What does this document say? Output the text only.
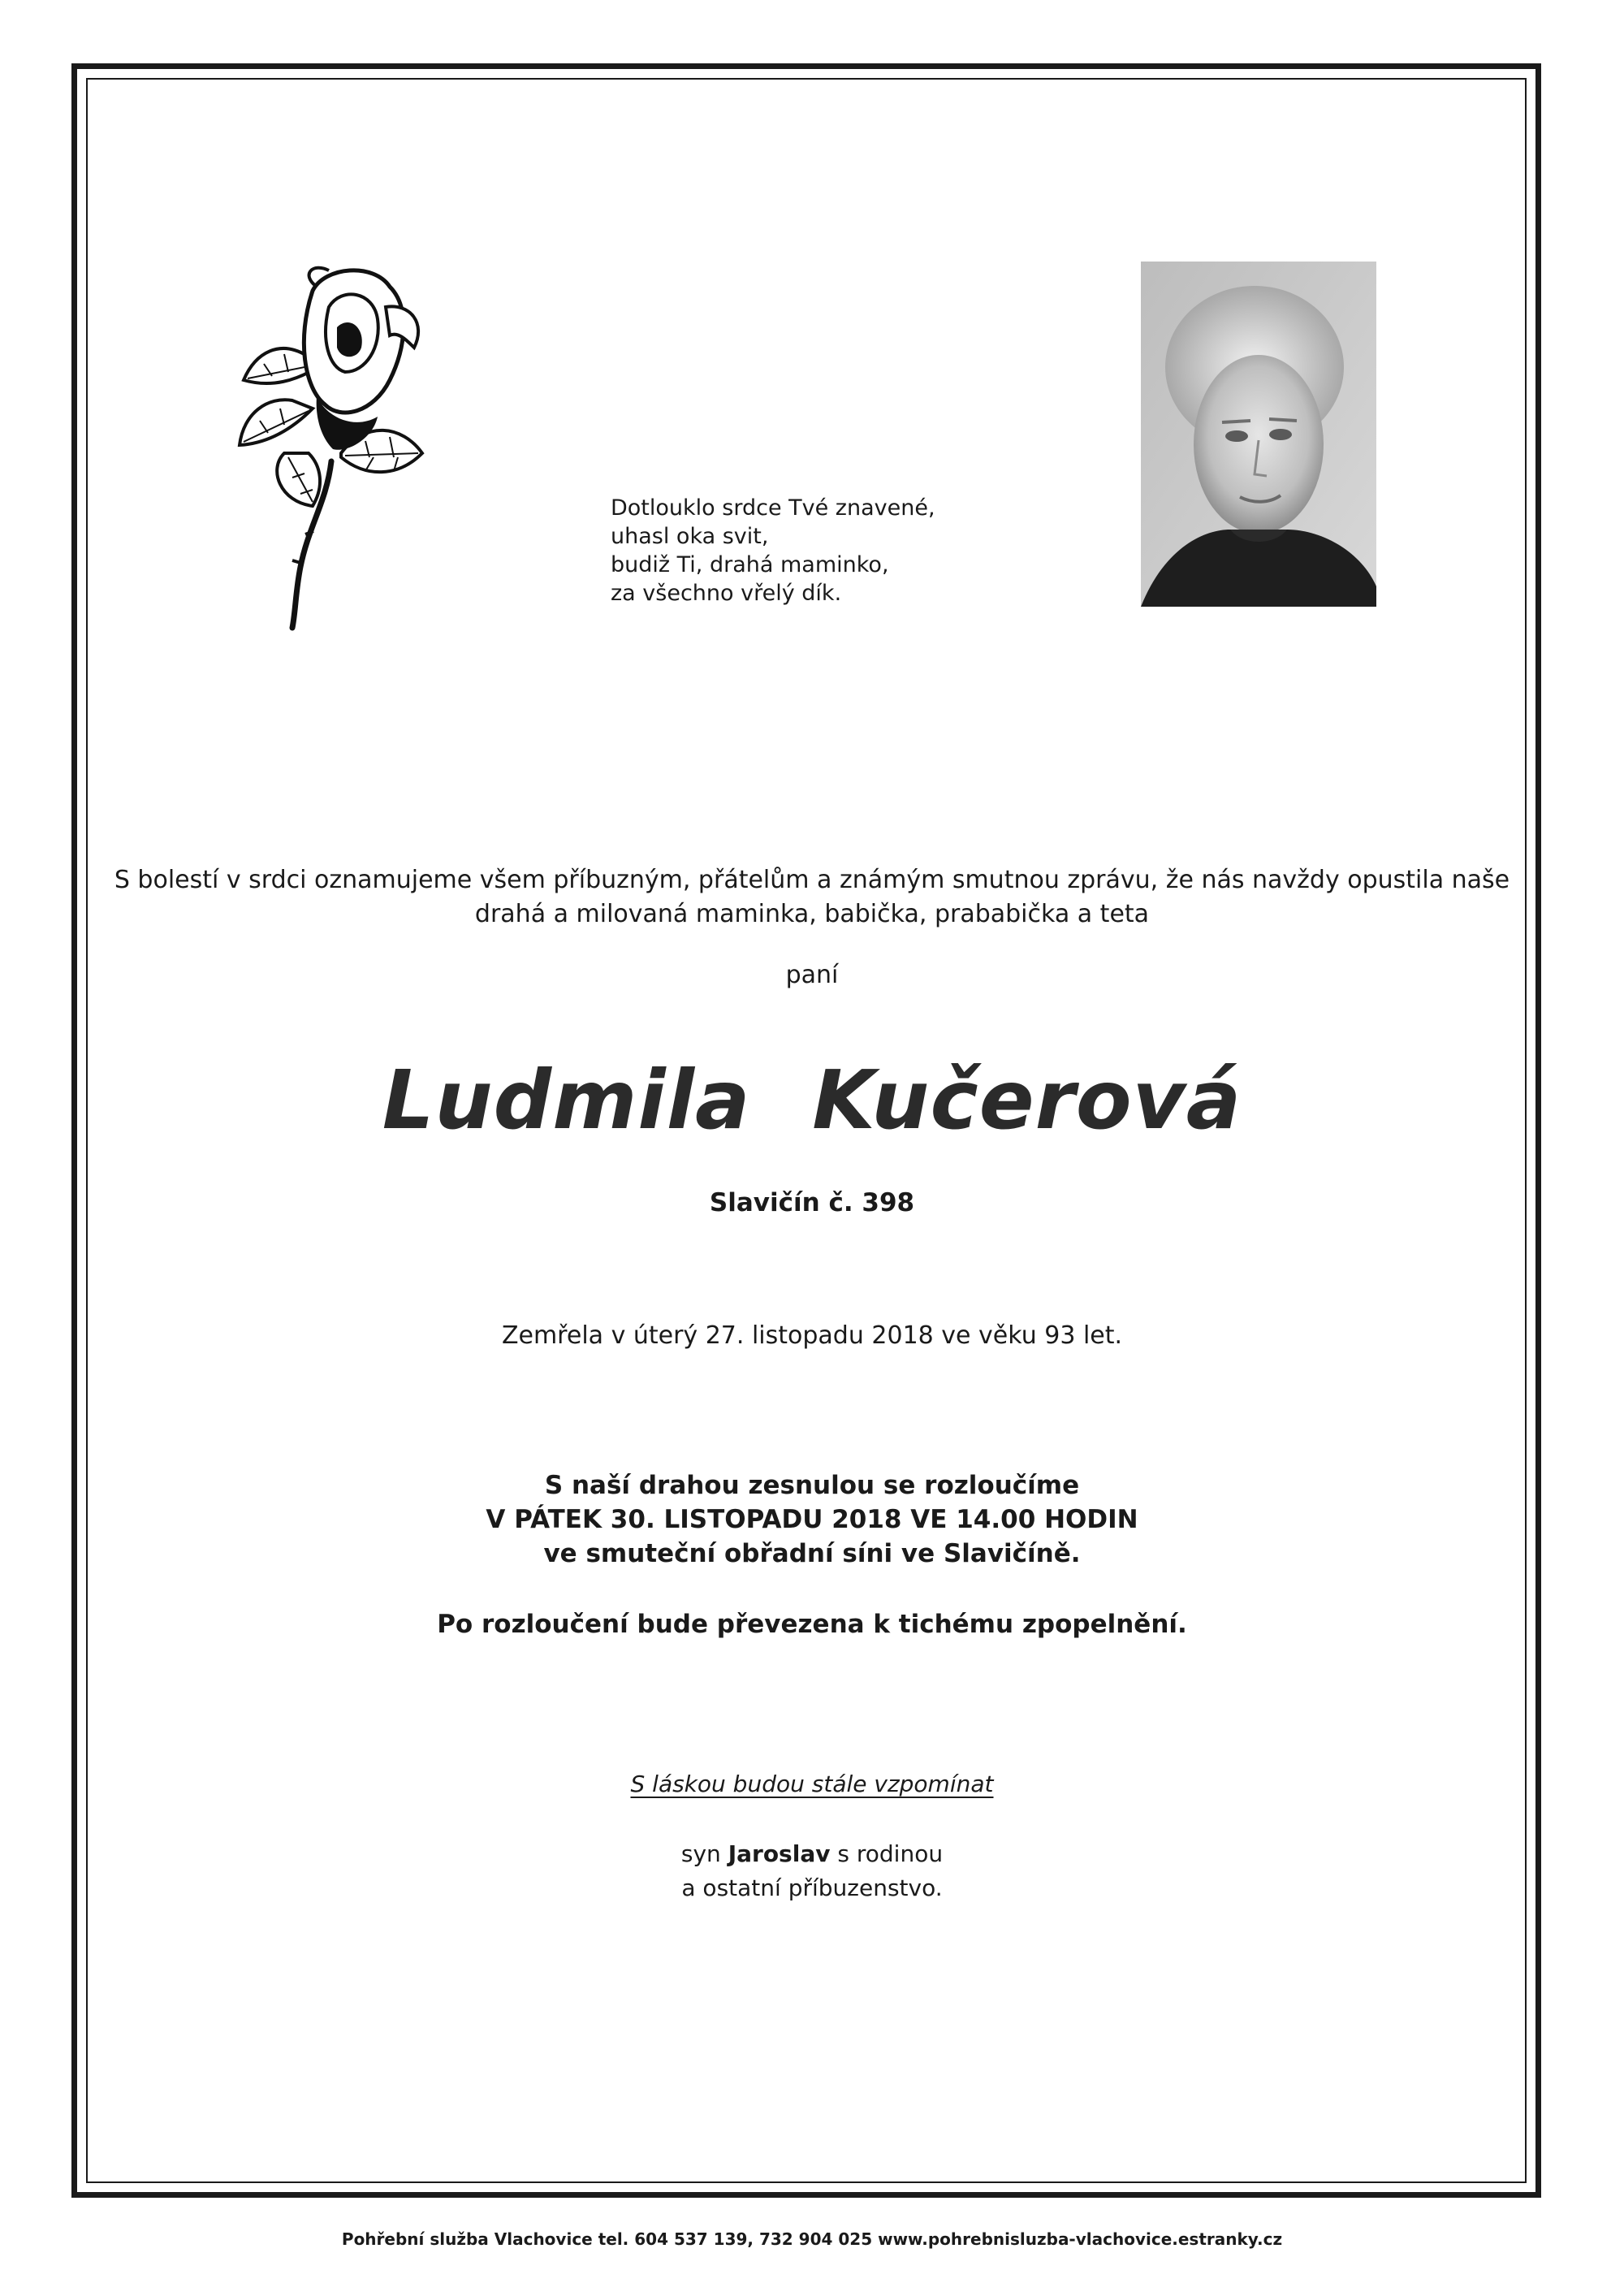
Dotlouklo srdce Tvé znavené,
uhasl oka svit,
budiž Ti, drahá maminko,
za všechno vřelý dík.

S bolestí v srdci oznamujeme všem příbuzným, přátelům a známým smutnou zprávu, že nás navždy opustila naše drahá a milovaná maminka, babička, prababička a teta

paní

Ludmila Kučerová

Slavičín č. 398

Zemřela v úterý 27. listopadu 2018 ve věku 93 let.

S naší drahou zesnulou se rozloučíme
V PÁTEK 30. LISTOPADU 2018 VE 14.00 HODIN
ve smuteční obřadní síni ve Slavičíně.

Po rozloučení bude převezena k tichému zpopelnění.

S láskou budou stále vzpomínat

syn Jaroslav s rodinou
a ostatní příbuzenstvo.

Pohřební služba Vlachovice tel. 604 537 139, 732 904 025 www.pohrebnisluzba-vlachovice.estranky.cz
